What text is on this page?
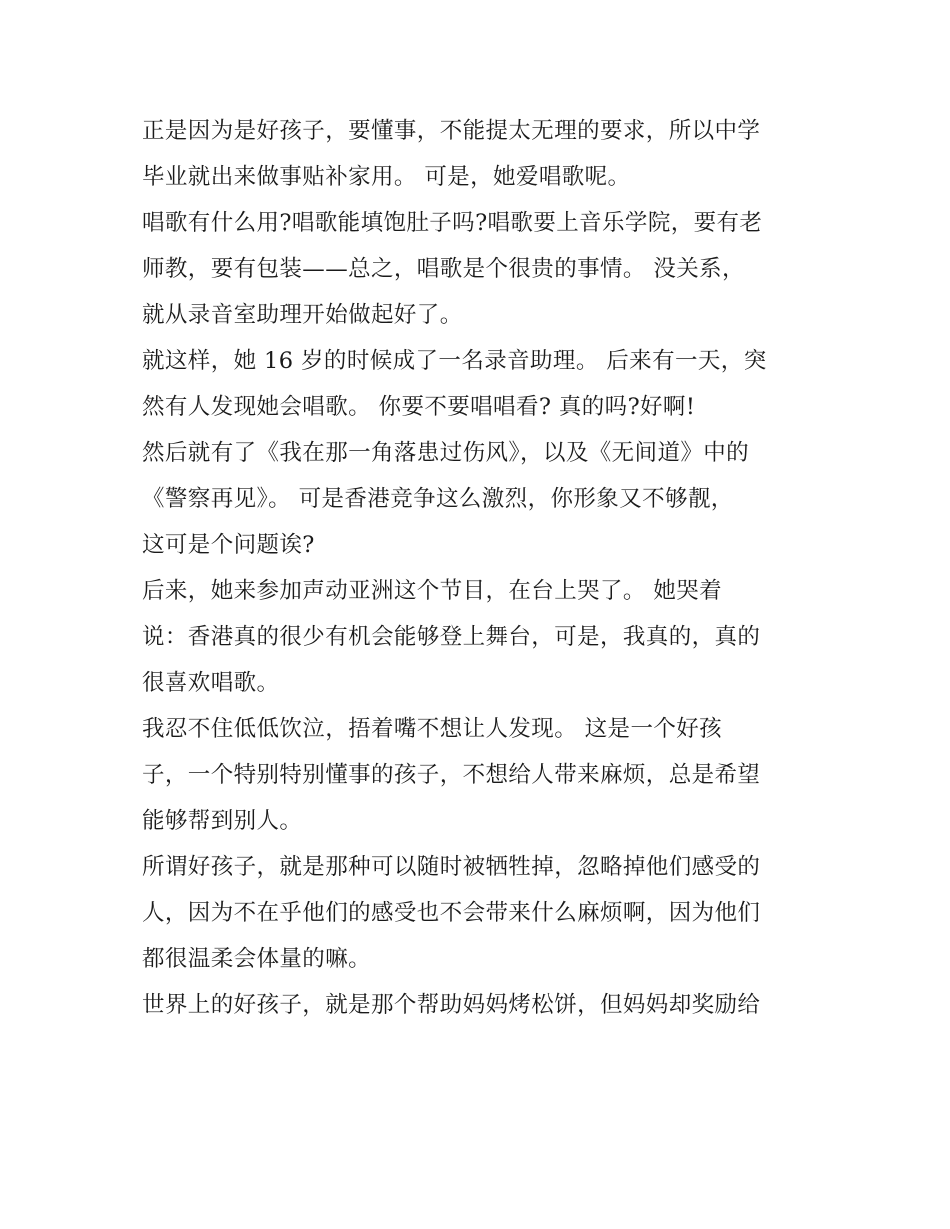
正是因为是好孩子，要懂事，不能提太无理的要求，所以中学
毕业就出来做事贴补家用。 可是，她爱唱歌呢。
唱歌有什么用?唱歌能填饱肚子吗?唱歌要上音乐学院，要有老
师教，要有包装——总之，唱歌是个很贵的事情。 没关系，
就从录音室助理开始做起好了。
就这样，她 16 岁的时候成了一名录音助理。 后来有一天，突
然有人发现她会唱歌。 你要不要唱唱看? 真的吗?好啊!
然后就有了《我在那一角落患过伤风》，以及《无间道》中的
《警察再见》。 可是香港竞争这么激烈，你形象又不够靓，
这可是个问题诶?
后来，她来参加声动亚洲这个节目，在台上哭了。 她哭着
说：香港真的很少有机会能够登上舞台，可是，我真的，真的
很喜欢唱歌。
我忍不住低低饮泣，捂着嘴不想让人发现。 这是一个好孩
子，一个特别特别懂事的孩子，不想给人带来麻烦，总是希望
能够帮到别人。
所谓好孩子，就是那种可以随时被牺牲掉，忽略掉他们感受的
人，因为不在乎他们的感受也不会带来什么麻烦啊，因为他们
都很温柔会体量的嘛。
世界上的好孩子，就是那个帮助妈妈烤松饼，但妈妈却奖励给
